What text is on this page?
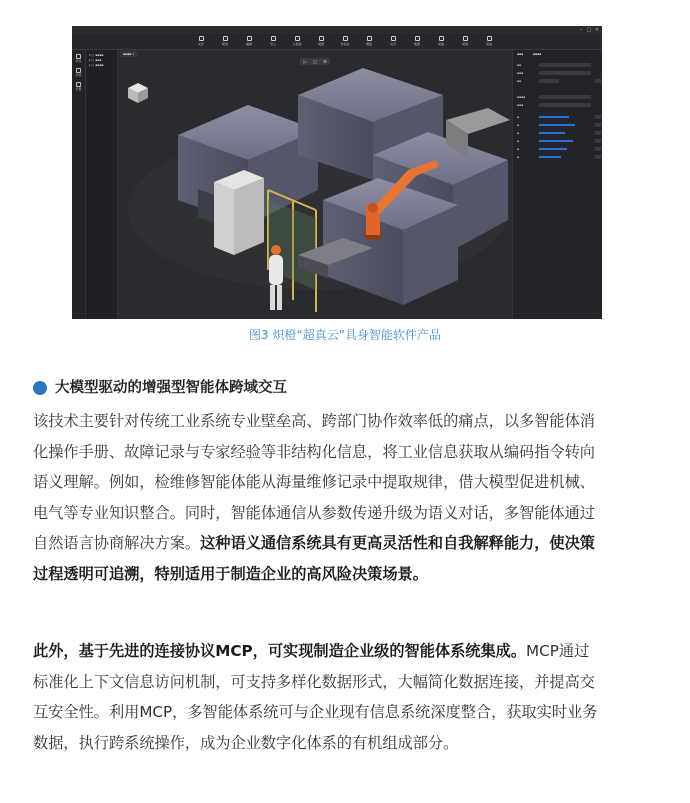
– □ ×
文件	新建	编辑	导入	主视角	视图	坐标系	测量	对齐	截图	动画	录制	渲染
场景
资源
设置
▾ □ ▪▪▪▪
▸ □ ▪▪▪
▸ □ ▪▪▪▪
▪▪▪▪ ×
▷	□	⚙
▪▪▪	▪▪▪▪
▪▪
▪▪▪
▪▪
▪▪▪▪
▪▪▪
▪
▪
▪
▪
▪
▪
图3 炽橙“超真云”具身智能软件产品
大模型驱动的增强型智能体跨域交互
该技术主要针对传统工业系统专业壁垒高、跨部门协作效率低的痛点，以多智能体消
化操作手册、故障记录与专家经验等非结构化信息，将工业信息获取从编码指令转向
语义理解。例如，检维修智能体能从海量维修记录中提取规律，借大模型促进机械、
电气等专业知识整合。同时，智能体通信从参数传递升级为语义对话，多智能体通过
自然语言协商解决方案。这种语义通信系统具有更高灵活性和自我解释能力，使决策
过程透明可追溯，特别适用于制造企业的高风险决策场景。
此外，基于先进的连接协议MCP，可实现制造企业级的智能体系统集成。MCP通过
标准化上下文信息访问机制，可支持多样化数据形式，大幅简化数据连接，并提高交
互安全性。利用MCP，多智能体系统可与企业现有信息系统深度整合，获取实时业务
数据，执行跨系统操作，成为企业数字化体系的有机组成部分。
